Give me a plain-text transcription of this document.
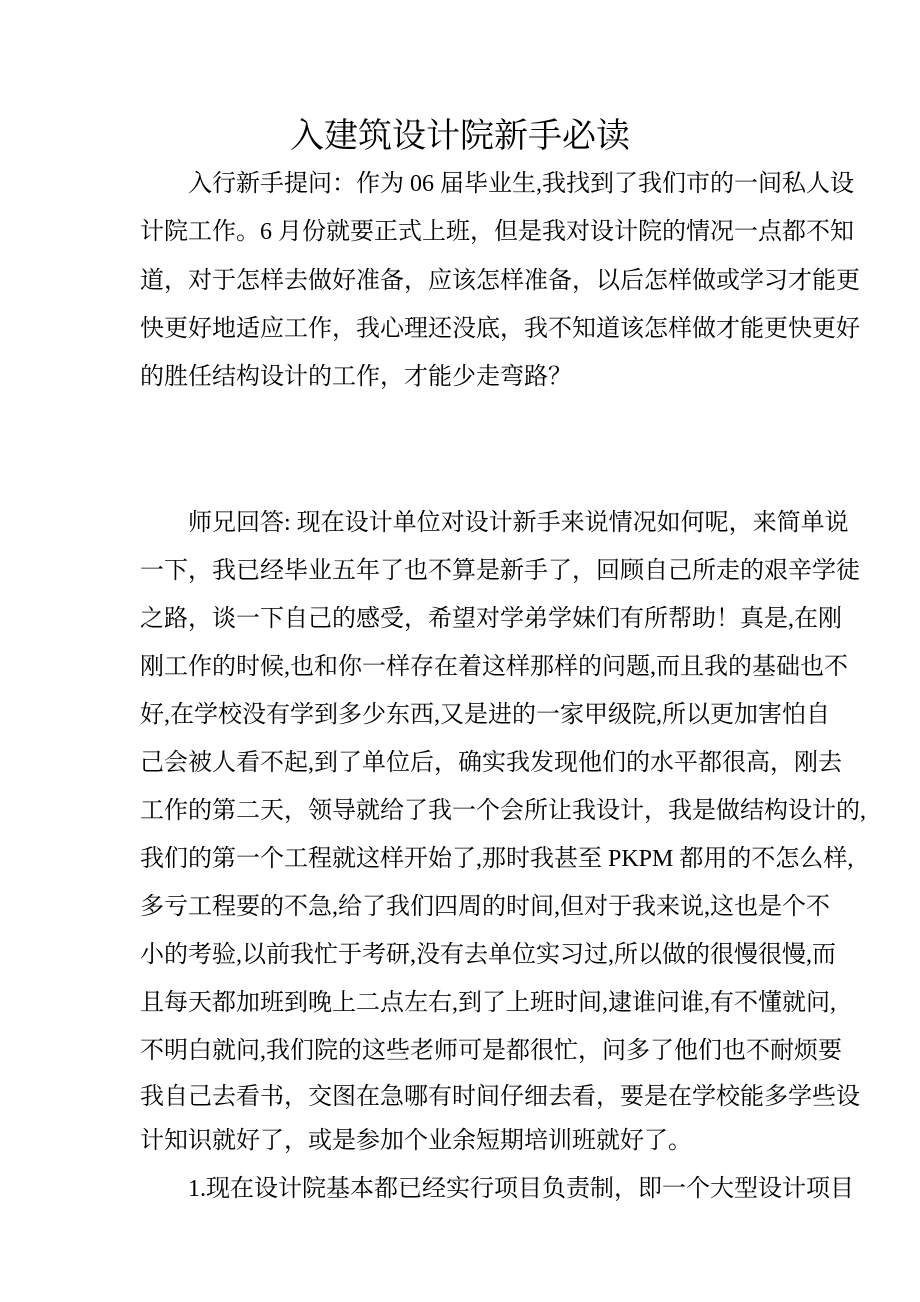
入建筑设计院新手必读
入行新手提问：作为 06 届毕业生,我找到了我们市的一间私人设
计院工作。6 月份就要正式上班，但是我对设计院的情况一点都不知
道，对于怎样去做好准备，应该怎样准备，以后怎样做或学习才能更
快更好地适应工作，我心理还没底，我不知道该怎样做才能更快更好
的胜任结构设计的工作，才能少走弯路？
师兄回答: 现在设计单位对设计新手来说情况如何呢，来简单说
一下，我已经毕业五年了也不算是新手了，回顾自己所走的艰辛学徒
之路，谈一下自己的感受，希望对学弟学妹们有所帮助！真是,在刚
刚工作的时候,也和你一样存在着这样那样的问题,而且我的基础也不
好,在学校没有学到多少东西,又是进的一家甲级院,所以更加害怕自
己会被人看不起,到了单位后，确实我发现他们的水平都很高，刚去
工作的第二天，领导就给了我一个会所让我设计，我是做结构设计的,
我们的第一个工程就这样开始了,那时我甚至 PKPM 都用的不怎么样,
多亏工程要的不急,给了我们四周的时间,但对于我来说,这也是个不
小的考验,以前我忙于考研,没有去单位实习过,所以做的很慢很慢,而
且每天都加班到晚上二点左右,到了上班时间,逮谁问谁,有不懂就问,
不明白就问,我们院的这些老师可是都很忙，问多了他们也不耐烦要
我自己去看书，交图在急哪有时间仔细去看，要是在学校能多学些设
计知识就好了，或是参加个业余短期培训班就好了。
1.现在设计院基本都已经实行项目负责制，即一个大型设计项目
